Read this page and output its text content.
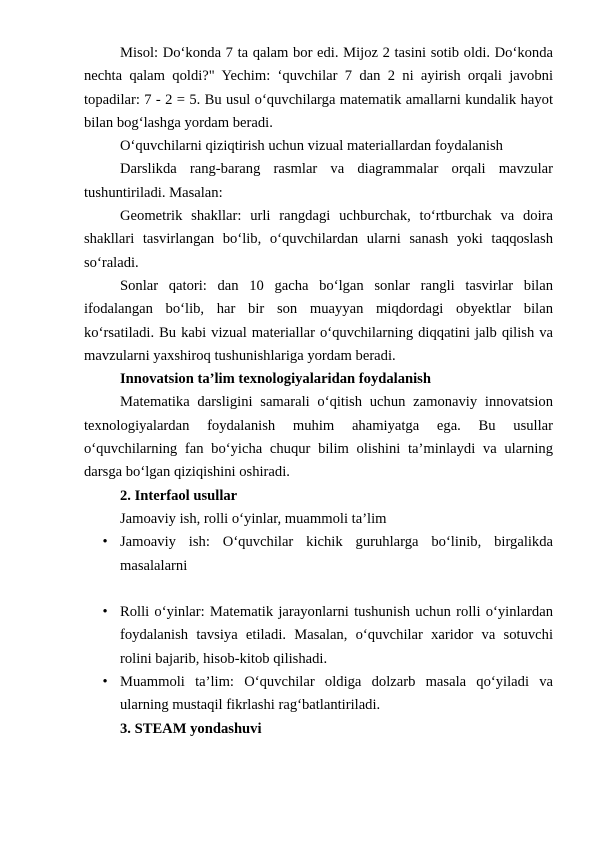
Misol: Do‘konda 7 ta qalam bor edi. Mijoz 2 tasini sotib oldi. Do‘konda nechta qalam qoldi?" Yechim: ‘quvchilar 7 dan 2 ni ayirish orqali javobni topadilar: 7 - 2 = 5. Bu usul o‘quvchilarga matematik amallarni kundalik hayot bilan bog‘lashga yordam beradi.

O‘quvchilarni qiziqtirish uchun vizual materiallardan foydalanish

Darslikda rang-barang rasmlar va diagrammalar orqali mavzular tushuntiriladi. Masalan:

Geometrik shakllar: urli rangdagi uchburchak, to‘rtburchak va doira shakllari tasvirlangan bo‘lib, o‘quvchilardan ularni sanash yoki taqqoslash so‘raladi.

Sonlar qatori: dan 10 gacha bo‘lgan sonlar rangli tasvirlar bilan ifodalangan bo‘lib, har bir son muayyan miqdordagi obyektlar bilan ko‘rsatiladi. Bu kabi vizual materiallar o‘quvchilarning diqqatini jalb qilish va mavzularni yaxshiroq tushunishlariga yordam beradi.

Innovatsion ta’lim texnologiyalaridan foydalanish

Matematika darsligini samarali o‘qitish uchun zamonaviy innovatsion texnologiyalardan foydalanish muhim ahamiyatga ega. Bu usullar o‘quvchilarning fan bo‘yicha chuqur bilim olishini ta’minlaydi va ularning darsga bo‘lgan qiziqishini oshiradi.

2. Interfaol usullar

Jamoaviy ish, rolli o‘yinlar, muammoli ta’lim

• Jamoaviy ish: O‘quvchilar kichik guruhlarga bo‘linib, birgalikda masalalarni
• Rolli o‘yinlar: Matematik jarayonlarni tushunish uchun rolli o‘yinlardan foydalanish tavsiya etiladi. Masalan, o‘quvchilar xaridor va sotuvchi rolini bajarib, hisob-kitob qilishadi.
• Muammoli ta’lim: O‘quvchilar oldiga dolzarb masala qo‘yiladi va ularning mustaqil fikrlashi rag‘batlantiriladi.

3. STEAM yondashuvi
